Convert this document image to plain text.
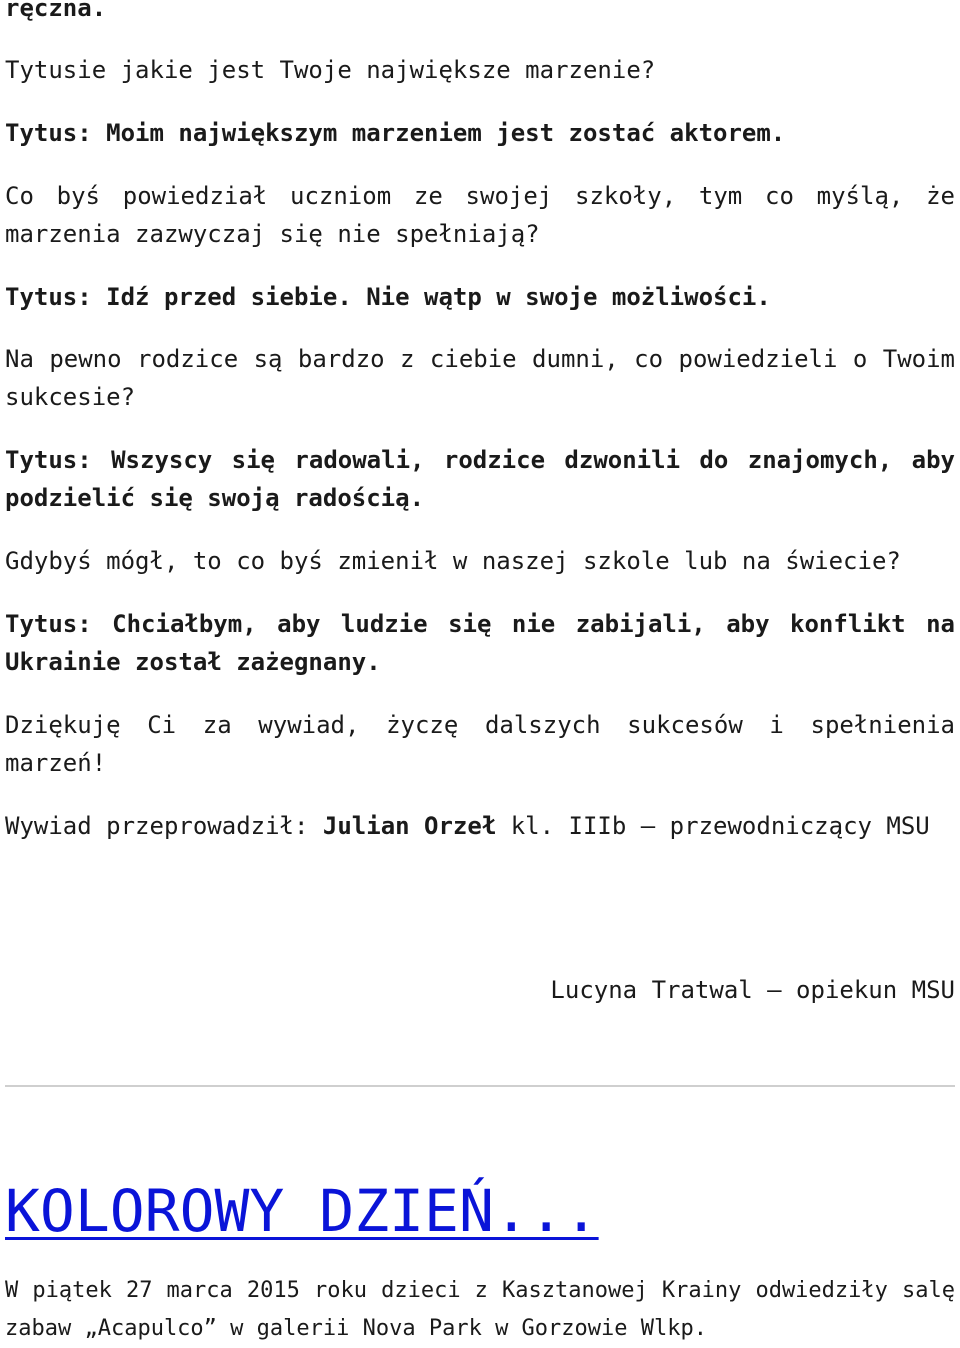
ręczna.

Tytusie jakie jest Twoje największe marzenie?

Tytus: Moim największym marzeniem jest zostać aktorem.

Co byś powiedział uczniom ze swojej szkoły, tym co myślą, że marzenia zazwyczaj się nie spełniają?

Tytus: Idź przed siebie. Nie wątp w swoje możliwości.

Na pewno rodzice są bardzo z ciebie dumni, co powiedzieli o Twoim sukcesie?

Tytus: Wszyscy się radowali, rodzice dzwonili do znajomych, aby podzielić się swoją radością.

Gdybyś mógł, to co byś zmienił w naszej szkole lub na świecie?

Tytus: Chciałbym, aby ludzie się nie zabijali, aby konflikt na Ukrainie został zażegnany.

Dziękuję Ci za wywiad, życzę dalszych sukcesów i spełnienia marzeń!

Wywiad przeprowadził: Julian Orzeł kl. IIIb – przewodniczący MSU

Lucyna Tratwal – opiekun MSU

KOLOROWY DZIEŃ...

W piątek 27 marca 2015 roku dzieci z Kasztanowej Krainy odwiedziły salę zabaw „Acapulco” w galerii Nova Park w Gorzowie Wlkp.
